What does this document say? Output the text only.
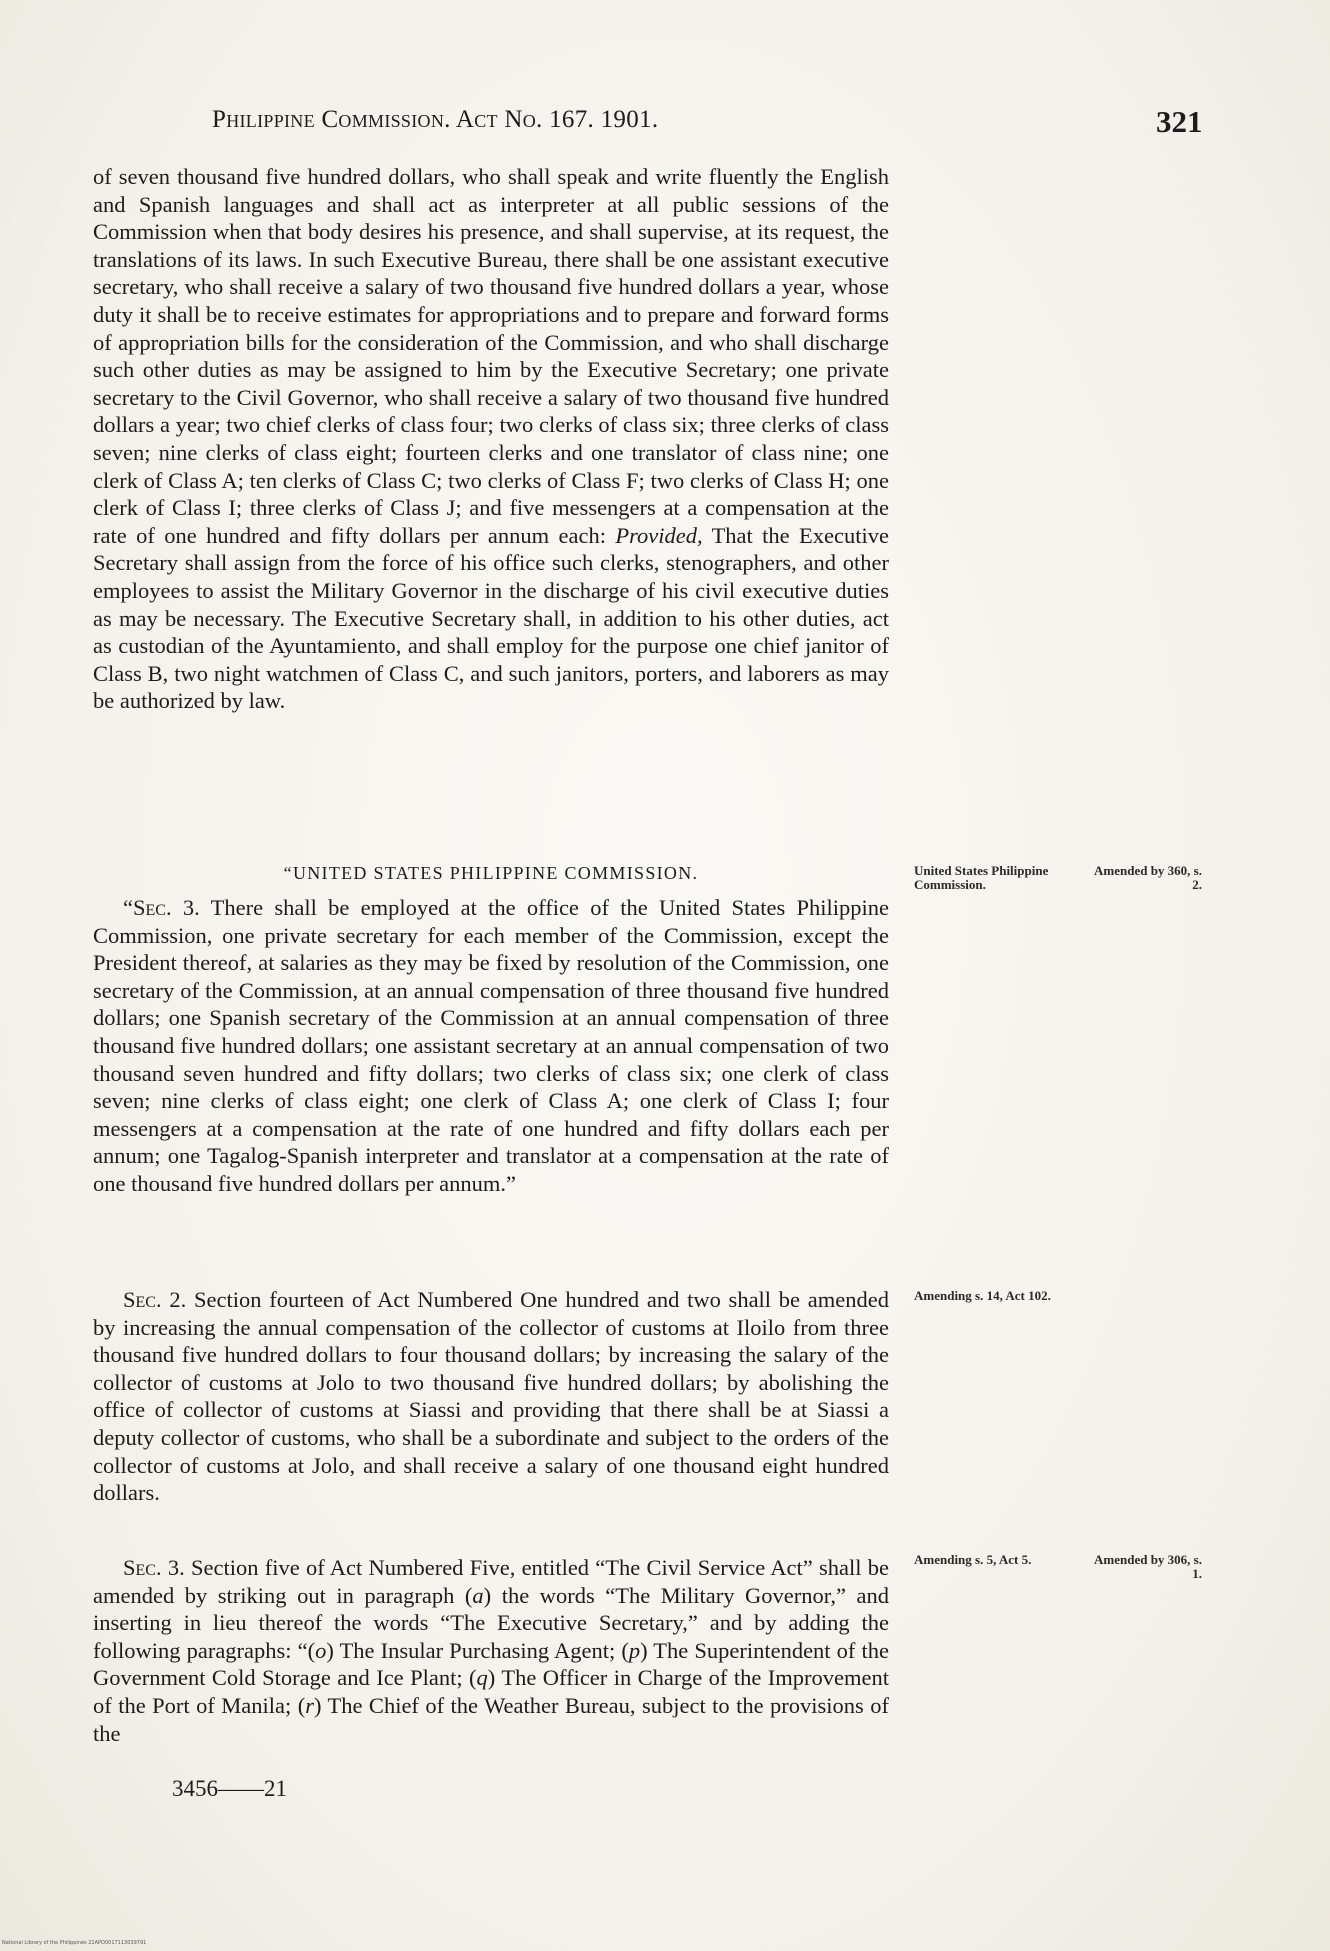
Philippine Commission. Act No. 167. 1901.	321

of seven thousand five hundred dollars, who shall speak and write fluently the English and Spanish languages and shall act as interpreter at all public sessions of the Commission when that body desires his presence, and shall supervise, at its request, the translations of its laws. In such Executive Bureau, there shall be one assistant executive secretary, who shall receive a salary of two thousand five hundred dollars a year, whose duty it shall be to receive estimates for appropriations and to prepare and forward forms of appropriation bills for the consideration of the Commission, and who shall discharge such other duties as may be assigned to him by the Executive Secretary; one private secretary to the Civil Governor, who shall receive a salary of two thousand five hundred dollars a year; two chief clerks of class four; two clerks of class six; three clerks of class seven; nine clerks of class eight; fourteen clerks and one translator of class nine; one clerk of Class A; ten clerks of Class C; two clerks of Class F; two clerks of Class H; one clerk of Class I; three clerks of Class J; and five messengers at a compensation at the rate of one hundred and fifty dollars per annum each: Provided, That the Executive Secretary shall assign from the force of his office such clerks, stenographers, and other employees to assist the Military Governor in the discharge of his civil executive duties as may be necessary. The Executive Secretary shall, in addition to his other duties, act as custodian of the Ayuntamiento, and shall employ for the purpose one chief janitor of Class B, two night watchmen of Class C, and such janitors, porters, and laborers as may be authorized by law.

“UNITED STATES PHILIPPINE COMMISSION.

“Sec. 3. There shall be employed at the office of the United States Philippine Commission, one private secretary for each member of the Commission, except the President thereof, at salaries as they may be fixed by resolution of the Commission, one secretary of the Commission, at an annual compensation of three thousand five hundred dollars; one Spanish secretary of the Commission at an annual compensation of three thousand five hundred dollars; one assistant secretary at an annual compensation of two thousand seven hundred and fifty dollars; two clerks of class six; one clerk of class seven; nine clerks of class eight; one clerk of Class A; one clerk of Class I; four messengers at a compensation at the rate of one hundred and fifty dollars each per annum; one Tagalog-Spanish interpreter and translator at a compensation at the rate of one thousand five hundred dollars per annum.”

Sec. 2. Section fourteen of Act Numbered One hundred and two shall be amended by increasing the annual compensation of the collector of customs at Iloilo from three thousand five hundred dollars to four thousand dollars; by increasing the salary of the collector of customs at Jolo to two thousand five hundred dollars; by abolishing the office of collector of customs at Siassi and providing that there shall be at Siassi a deputy collector of customs, who shall be a subordinate and subject to the orders of the collector of customs at Jolo, and shall receive a salary of one thousand eight hundred dollars.

Sec. 3. Section five of Act Numbered Five, entitled “The Civil Service Act” shall be amended by striking out in paragraph (a) the words “The Military Governor,” and inserting in lieu thereof the words “The Executive Secretary,” and by adding the following paragraphs: “(o) The Insular Purchasing Agent; (p) The Superintendent of the Government Cold Storage and Ice Plant; (q) The Officer in Charge of the Improvement of the Port of Manila; (r) The Chief of the Weather Bureau, subject to the provisions of the

3456——21
United States Philippine Commission.
Amended by 360, s. 2.
Amending s. 14, Act 102.
Amending s. 5, Act 5.	Amended by 306, s. 1.
National Library of the Philippines 21APO0017113039791
